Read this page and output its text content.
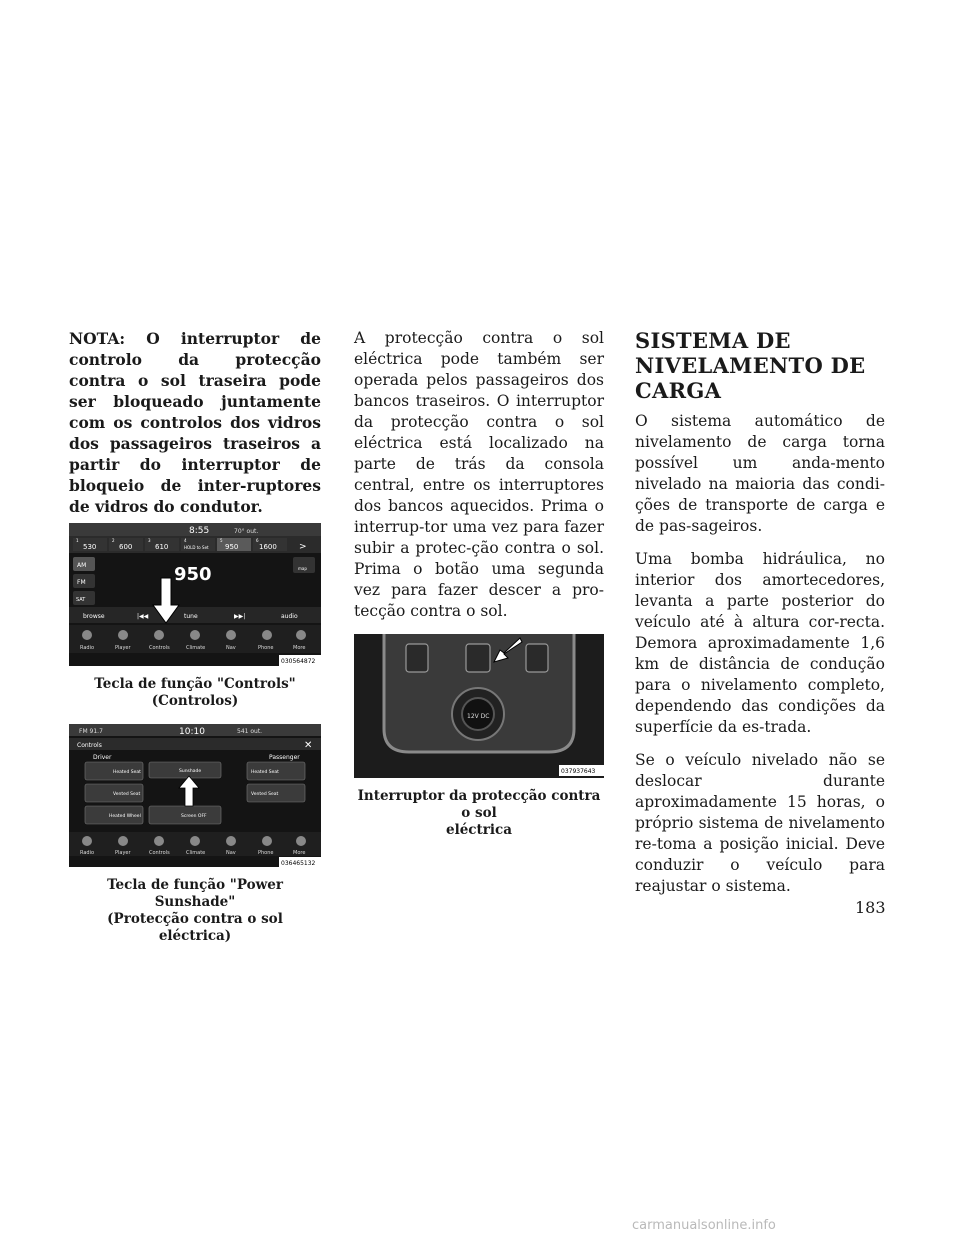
NOTA: O interruptor de controlo da protecção contra o sol traseira pode ser bloqueado juntamente com os controlos dos vidros dos passageiros traseiros a partir do interruptor de bloqueio de inter-ruptores de vidros do condutor.

8:55	70° out.
1
530
2
600
3
610
4
HOLD to Set
5
950
6
1600 >
AM
FM
SAT
950	map
browse	|◀◀	tune	▶▶|	audio
Radio	Player	Controls	Climate	Nav	Phone	More
030564872

Tecla de função "Controls"
(Controlos)

FM 91.7	10:10	541 out.
Controls	✕
Driver	Passenger
Heated Seat
Vented Seat
Heated Wheel
Sunshade
Screen OFF
Heated Seat
Vented Seat
Radio	Player	Controls	Climate	Nav	Phone	More
036465132

Tecla de função "Power Sunshade"
(Protecção contra o sol eléctrica)

A protecção contra o sol eléctrica pode também ser operada pelos passageiros dos bancos traseiros. O interruptor da protecção contra o sol eléctrica está localizado na parte de trás da consola central, entre os interruptores dos bancos aquecidos. Prima o interrup-tor uma vez para fazer subir a protec-ção contra o sol. Prima o botão uma segunda vez para fazer descer a pro-tecção contra o sol.

12V DC
037937643

Interruptor da protecção contra o sol
eléctrica

SISTEMA DE
NIVELAMENTO DE
CARGA

O sistema automático de nivelamento de carga torna possível um anda-mento nivelado na maioria das condi-ções de transporte de carga e de pas-sageiros.

Uma bomba hidráulica, no interior dos amortecedores, levanta a parte posterior do veículo até à altura cor-recta. Demora aproximadamente 1,6 km de distância de condução para o nivelamento completo, dependendo das condições da superfície da es-trada.

Se o veículo nivelado não se deslocar durante aproximadamente 15 horas, o próprio sistema de nivelamento re-toma a posição inicial. Deve conduzir o veículo para reajustar o sistema.

183
carmanualsonline.info
